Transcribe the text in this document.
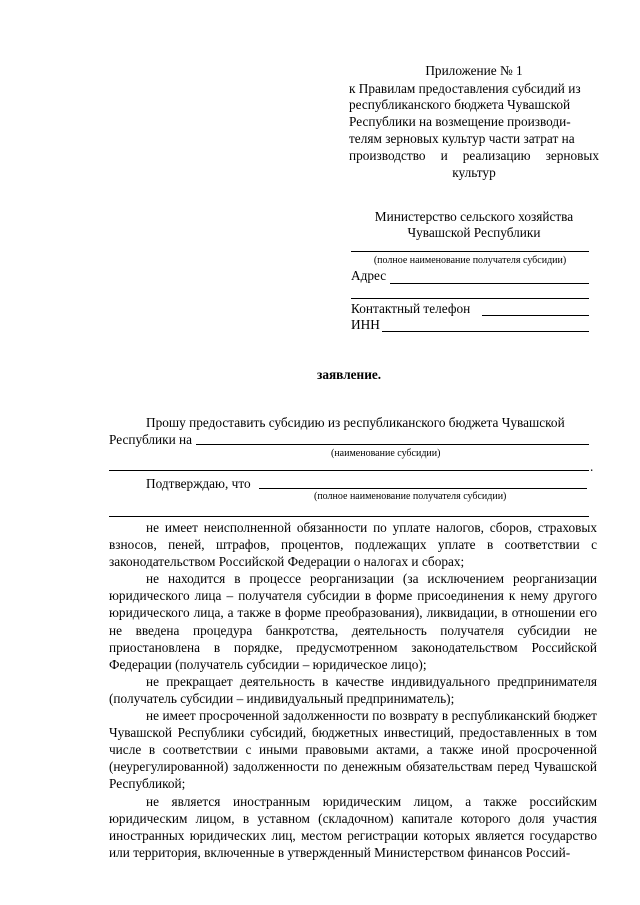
Приложение № 1
к Правилам предоставления субсидий из
республиканского бюджета Чувашской
Республики на возмещение производи-
телям зерновых культур части затрат на
производство и реализацию зерновых
культур
Министерство сельского хозяйства
Чувашской Республики
(полное наименование получателя субсидии)
Адрес
Контактный телефон
ИНН
заявление.
Прошу предоставить субсидию из республиканского бюджета Чувашской
Республики на
(наименование субсидии)
.
Подтверждаю, что
(полное наименование получателя субсидии)

не имеет неисполненной обязанности по уплате налогов, сборов, страховых взносов, пеней, штрафов, процентов, подлежащих уплате в соответствии с законодательством Российской Федерации о налогах и сборах;

не находится в процессе реорганизации (за исключением реорганизации юридического лица – получателя субсидии в форме присоединения к нему другого юридического лица, а также в форме преобразования), ликвидации, в отношении его не введена процедура банкротства, деятельность получателя субсидии не приостановлена в порядке, предусмотренном законодательством Российской Федерации (получатель субсидии – юридическое лицо);

не прекращает деятельность в качестве индивидуального предпринимателя (получатель субсидии – индивидуальный предприниматель);

не имеет просроченной задолженности по возврату в республиканский бюджет Чувашской Республики субсидий, бюджетных инвестиций, предоставленных в том числе в соответствии с иными правовыми актами, а также иной просроченной (неурегулированной) задолженности по денежным обязательствам перед Чувашской Республикой;

не является иностранным юридическим лицом, а также российским юридическим лицом, в уставном (складочном) капитале которого доля участия иностранных юридических лиц, местом регистрации которых является государство или территория, включенные в утвержденный Министерством финансов Россий-
